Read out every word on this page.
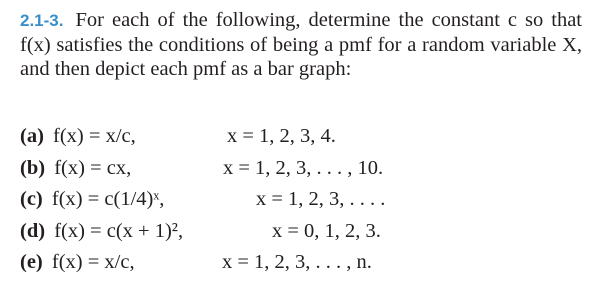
2.1-3. For each of the following, determine the constant c so that f(x) satisfies the conditions of being a pmf for a random variable X, and then depict each pmf as a bar graph:

(a) f(x) = x/c,	x = 1, 2, 3, 4.
(b) f(x) = cx,	x = 1, 2, 3, . . . , 10.
(c) f(x) = c(1/4)ˣ,	x = 1, 2, 3, . . . .
(d) f(x) = c(x + 1)²,	x = 0, 1, 2, 3.
(e) f(x) = x/c,	x = 1, 2, 3, . . . , n.
